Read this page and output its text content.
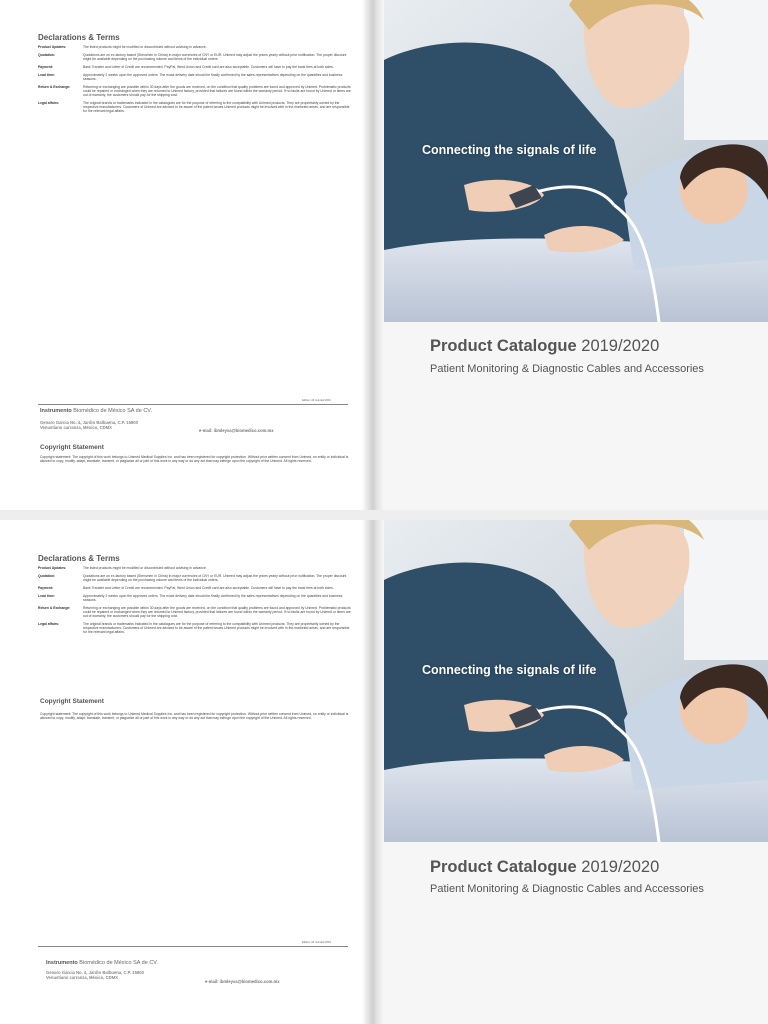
Declarations & Terms
Product Updates:	The listed products might be modified or discontinued without advising in advance.
Quotation:	Quotations are on ex-factory based (Shenzhen in China) in major currencies of CNY or EUR. Unimed may adjust the prices yearly without prior notification. The proper discount might be available depending on the purchasing volume and items of the individual orders.
Payment:	Bank Transfer and Letter of Credit are recommended. PayPal, West Union and Credit card are also acceptable. Customers will have to pay the bank fees at both sides.
Lead time:	Approximately 2 weeks upon the approved orders. The exact delivery date should be finally confirmed by the sales representatives depending on the quantities and business seasons.
Return & Exchange:	Returning or exchanging are possible within 30 days after the goods are received, on the condition that quality problems are found and approved by Unimed. Problematic products could be repaired or exchanged when they are returned to Unimed factory, provided that failures are found within the warranty period. If no faults are found by Unimed or items are out of warranty, the customers should pay for the shipping cost.
Legal affairs:	The original brands or trademarks indicated in the catalogues are for the purpose of referring to the compatibility with Unimed products. They are proprietarily owned by the respective manufacturers. Customers of Unimed are advised to be aware of the patent issues Unimed products might be involved with in the marketed areas, and are responsible for the relevant legal affairs.
Edition: All rounded 2019
Instrumento Biomédico de México SA de CV.
Genaro Garcia No. 4, Jardin Balbuena, C.P. 15900
Venustiano carranza, México, CDMX
e-mail: ibmleyva@biomedico.com.mx
Copyright Statement
Copyright statement: The copyright of this work belongs to Unimed Medical Supplies Inc. and has been registered for copyright protection. Without prior written consent from Unimed, no entity or individual is allowed to copy, modify, adapt, translate, transmit, or plagiarize all or part of this work in any way or do any act that may infringe upon the copyright of the Unimed. All rights reserved.
Connecting the signals of life
Product Catalogue 2019/2020
Patient Monitoring & Diagnostic Cables and Accessories
Declarations & Terms
Product Updates:	The listed products might be modified or discontinued without advising in advance.
Quotation:	Quotations are on ex-factory based (Shenzhen in China) in major currencies of CNY or EUR. Unimed may adjust the prices yearly without prior notification. The proper discount might be available depending on the purchasing volume and items of the individual orders.
Payment:	Bank Transfer and Letter of Credit are recommended. PayPal, West Union and Credit card are also acceptable. Customers will have to pay the bank fees at both sides.
Lead time:	Approximately 2 weeks upon the approved orders. The exact delivery date should be finally confirmed by the sales representatives depending on the quantities and business seasons.
Return & Exchange:	Returning or exchanging are possible within 30 days after the goods are received, on the condition that quality problems are found and approved by Unimed. Problematic products could be repaired or exchanged when they are returned to Unimed factory, provided that failures are found within the warranty period. If no faults are found by Unimed or items are out of warranty, the customers should pay for the shipping cost.
Legal affairs:	The original brands or trademarks indicated in the catalogues are for the purpose of referring to the compatibility with Unimed products. They are proprietarily owned by the respective manufacturers. Customers of Unimed are advised to be aware of the patent issues Unimed products might be involved with in the marketed areas, and are responsible for the relevant legal affairs.
Copyright Statement
Copyright statement: The copyright of this work belongs to Unimed Medical Supplies Inc. and has been registered for copyright protection. Without prior written consent from Unimed, no entity or individual is allowed to copy, modify, adapt, translate, transmit, or plagiarize all or part of this work in any way or do any act that may infringe upon the copyright of the Unimed. All rights reserved.
Edition: All rounded 2019
Instrumento Biomédico de México SA de CV.
Genaro Garcia No. 4, Jardin Balbuena, C.P. 15900
Venustiano carranza, México, CDMX
e-mail: ibmleyva@biomedico.com.mx
Connecting the signals of life
Product Catalogue 2019/2020
Patient Monitoring & Diagnostic Cables and Accessories
